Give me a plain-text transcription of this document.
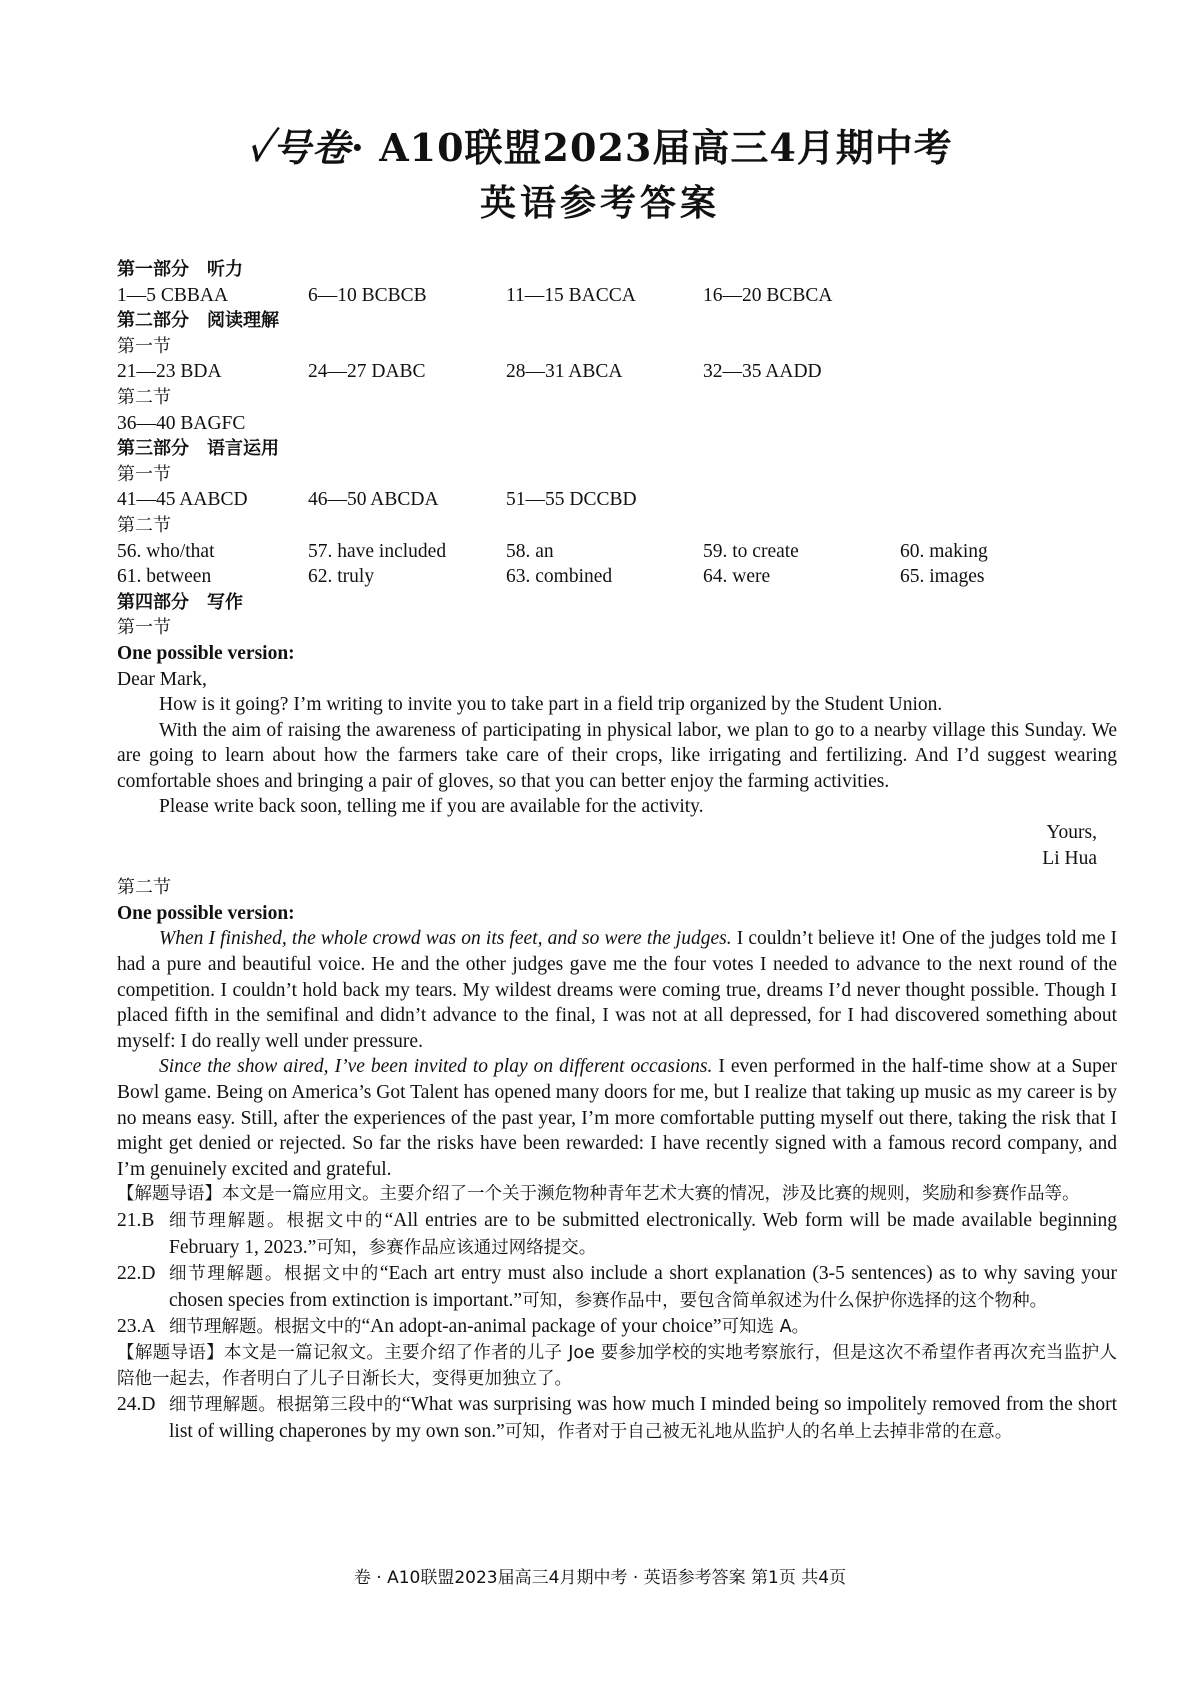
✓号卷· A10联盟2023届高三4月期中考
英语参考答案
第一部分 听力
1—5 CBBAA	6—10 BCBCB	11—15 BACCA	16—20 BCBCA
第二部分 阅读理解
第一节
21—23 BDA	24—27 DABC	28—31 ABCA	32—35 AADD
第二节
36—40 BAGFC
第三部分 语言运用
第一节
41—45 AABCD	46—50 ABCDA	51—55 DCCBD
第二节
56. who/that	57. have included	58. an	59. to create	60. making
61. between	62. truly	63. combined	64. were	65. images
第四部分 写作
第一节
One possible version:
Dear Mark,
How is it going? I’m writing to invite you to take part in a field trip organized by the Student Union.
With the aim of raising the awareness of participating in physical labor, we plan to go to a nearby village this Sunday. We are going to learn about how the farmers take care of their crops, like irrigating and fertilizing. And I’d suggest wearing comfortable shoes and bringing a pair of gloves, so that you can better enjoy the farming activities.
Please write back soon, telling me if you are available for the activity.
Yours,
Li Hua
第二节
One possible version:
When I finished, the whole crowd was on its feet, and so were the judges. I couldn’t believe it! One of the judges told me I had a pure and beautiful voice. He and the other judges gave me the four votes I needed to advance to the next round of the competition. I couldn’t hold back my tears. My wildest dreams were coming true, dreams I’d never thought possible. Though I placed fifth in the semifinal and didn’t advance to the final, I was not at all depressed, for I had discovered something about myself: I do really well under pressure.
Since the show aired, I’ve been invited to play on different occasions. I even performed in the half-time show at a Super Bowl game. Being on America’s Got Talent has opened many doors for me, but I realize that taking up music as my career is by no means easy. Still, after the experiences of the past year, I’m more comfortable putting myself out there, taking the risk that I might get denied or rejected. So far the risks have been rewarded: I have recently signed with a famous record company, and I’m genuinely excited and grateful.
【解题导语】本文是一篇应用文。主要介绍了一个关于濒危物种青年艺术大赛的情况，涉及比赛的规则，奖励和参赛作品等。
21.B 细节理解题。根据文中的“All entries are to be submitted electronically. Web form will be made available beginning February 1, 2023.”可知，参赛作品应该通过网络提交。
22.D 细节理解题。根据文中的“Each art entry must also include a short explanation (3-5 sentences) as to why saving your chosen species from extinction is important.”可知，参赛作品中，要包含简单叙述为什么保护你选择的这个物种。
23.A 细节理解题。根据文中的“An adopt-an-animal package of your choice”可知选 A。
【解题导语】本文是一篇记叙文。主要介绍了作者的儿子 Joe 要参加学校的实地考察旅行，但是这次不希望作者再次充当监护人陪他一起去，作者明白了儿子日渐长大，变得更加独立了。
24.D 细节理解题。根据第三段中的“What was surprising was how much I minded being so impolitely removed from the short list of willing chaperones by my own son.”可知，作者对于自己被无礼地从监护人的名单上去掉非常的在意。
卷 · A10联盟2023届高三4月期中考 · 英语参考答案 第1页 共4页
